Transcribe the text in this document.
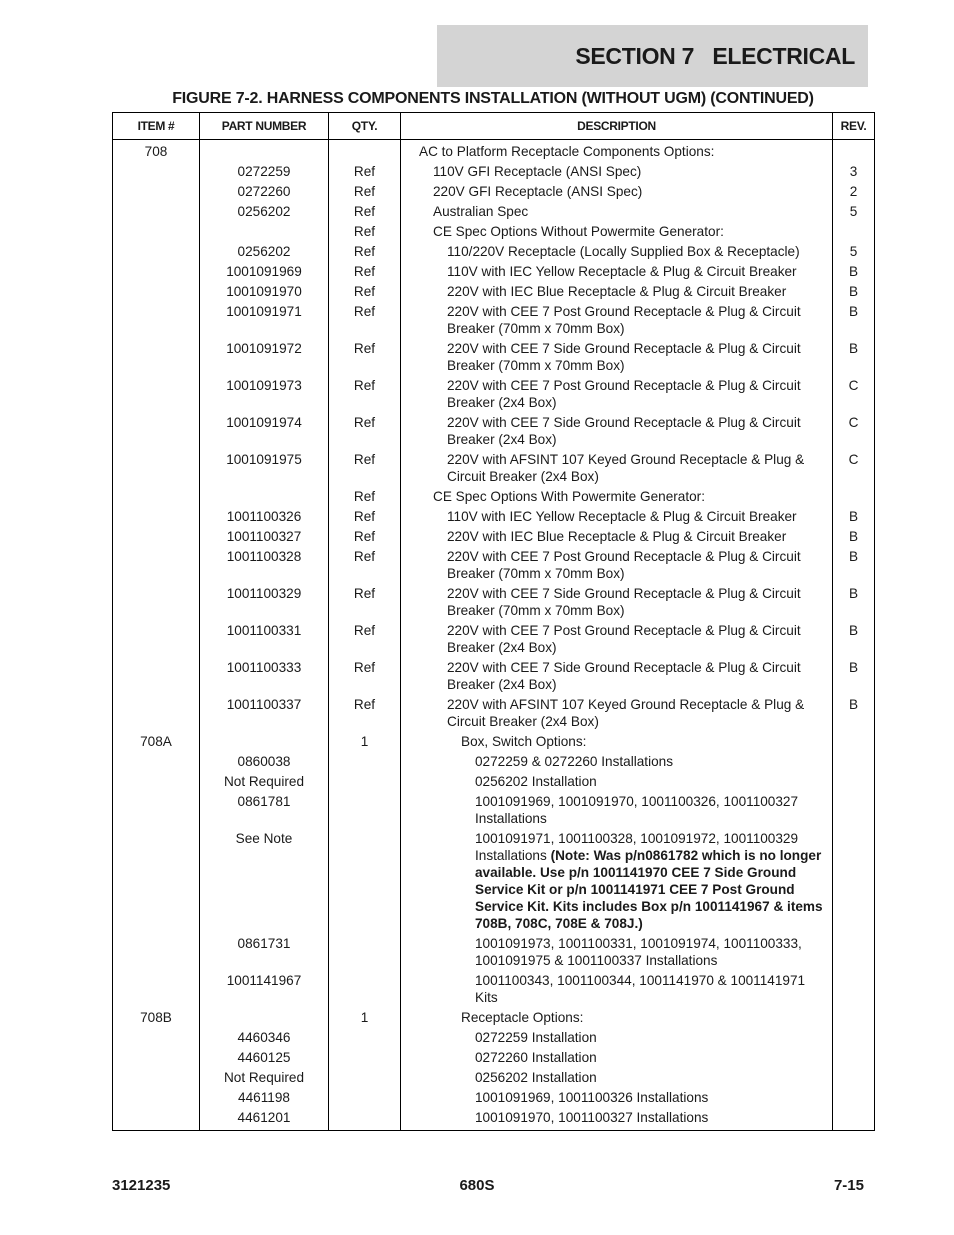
SECTION 7   ELECTRICAL
FIGURE 7-2. HARNESS COMPONENTS INSTALLATION (WITHOUT UGM) (CONTINUED)
ITEM #	PART NUMBER	QTY.	DESCRIPTION	REV.
708			AC to Platform Receptacle Components Options:	
	0272259	Ref	110V GFI Receptacle (ANSI Spec)	3
	0272260	Ref	220V GFI Receptacle (ANSI Spec)	2
	0256202	Ref	Australian Spec	5
		Ref	CE Spec Options Without Powermite Generator:	
	0256202	Ref	110/220V Receptacle (Locally Supplied Box & Receptacle)	5
	1001091969	Ref	110V with IEC Yellow Receptacle & Plug & Circuit Breaker	B
	1001091970	Ref	220V with IEC Blue Receptacle & Plug & Circuit Breaker	B
	1001091971	Ref	220V with CEE 7 Post Ground Receptacle & Plug & Circuit Breaker (70mm x 70mm Box)	B
	1001091972	Ref	220V with CEE 7 Side Ground Receptacle & Plug & Circuit Breaker (70mm x 70mm Box)	B
	1001091973	Ref	220V with CEE 7 Post Ground Receptacle & Plug & Circuit Breaker (2x4 Box)	C
	1001091974	Ref	220V with CEE 7 Side Ground Receptacle & Plug & Circuit Breaker (2x4 Box)	C
	1001091975	Ref	220V with AFSINT 107 Keyed Ground Receptacle & Plug & Circuit Breaker (2x4 Box)	C
		Ref	CE Spec Options With Powermite Generator:	
	1001100326	Ref	110V with IEC Yellow Receptacle & Plug & Circuit Breaker	B
	1001100327	Ref	220V with IEC Blue Receptacle & Plug & Circuit Breaker	B
	1001100328	Ref	220V with CEE 7 Post Ground Receptacle & Plug & Circuit Breaker (70mm x 70mm Box)	B
	1001100329	Ref	220V with CEE 7 Side Ground Receptacle & Plug & Circuit Breaker (70mm x 70mm Box)	B
	1001100331	Ref	220V with CEE 7 Post Ground Receptacle & Plug & Circuit Breaker (2x4 Box)	B
	1001100333	Ref	220V with CEE 7 Side Ground Receptacle & Plug & Circuit Breaker (2x4 Box)	B
	1001100337	Ref	220V with AFSINT 107 Keyed Ground Receptacle & Plug & Circuit Breaker (2x4 Box)	B
708A		1	Box, Switch Options:	
	0860038		0272259 & 0272260 Installations	
	Not Required		0256202 Installation	
	0861781		1001091969, 1001091970, 1001100326, 1001100327 Installations	
	See Note		1001091971, 1001100328, 1001091972, 1001100329 Installations (Note: Was p/n0861782 which is no longer available. Use p/n 1001141970 CEE 7 Side Ground Service Kit or p/n 1001141971 CEE 7 Post Ground Service Kit. Kits includes Box p/n 1001141967 & items 708B, 708C, 708E & 708J.)	
	0861731		1001091973, 1001100331, 1001091974, 1001100333, 1001091975 & 1001100337 Installations	
	1001141967		1001100343, 1001100344, 1001141970 & 1001141971 Kits	
708B		1	Receptacle Options:	
	4460346		0272259 Installation	
	4460125		0272260 Installation	
	Not Required		0256202 Installation	
	4461198		1001091969, 1001100326 Installations	
	4461201		1001091970, 1001100327 Installations	
3121235	680S	7-15
